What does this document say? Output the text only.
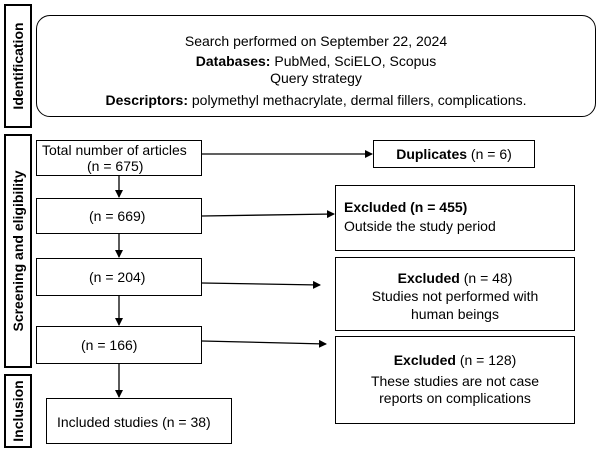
Identification
Screening and eligibility
Inclusion
Search performed on September 22, 2024
Databases: PubMed, SciELO, Scopus
Query strategy
Descriptors: polymethyl methacrylate, dermal fillers, complications.
Total number of articles
(n = 675)
(n = 669)
(n = 204)
(n = 166)
Included studies (n = 38)
Duplicates (n = 6)
Excluded (n = 455)
Outside the study period
Excluded (n = 48)
Studies not performed with
human beings
Excluded (n = 128)
These studies are not case
reports on complications
